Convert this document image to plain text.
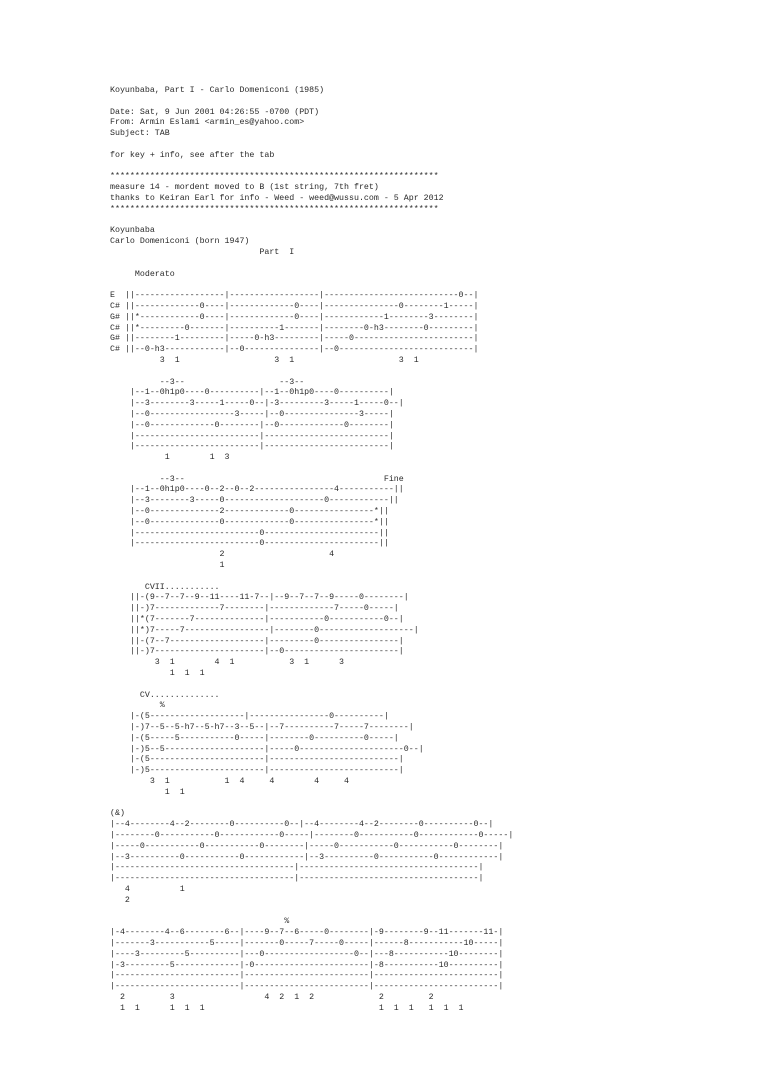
Koyunbaba, Part I - Carlo Domeniconi (1985)
Date: Sat, 9 Jun 2001 04:26:55 -0700 (PDT)
From: Armin Eslami <armin_es@yahoo.com>
Subject: TAB
for key + info, see after the tab
******************************************************************
measure 14 - mordent moved to B (1st string, 7th fret)
thanks to Keiran Earl for info - Weed - weed@wussu.com - 5 Apr 2012
******************************************************************
Koyunbaba
Carlo Domeniconi (born 1947)
Part  I
Moderato
E  ||------------------|------------------|---------------------------0--|
C# ||-------------0----|-------------0----|---------------0--------1-----|
G# ||*------------0----|-------------0----|------------1--------3--------|
C# ||*---------0-------|----------1-------|--------0-h3--------0---------|
G# ||--------1---------|-----0-h3---------|-----0------------------------|
C# ||--0-h3------------|--0---------------|--0---------------------------|
3  1                   3  1                     3  1
--3--                   --3--
|--1--0h1p0----0----------|--1--0h1p0----0----------|
|--3--------3-----1-----0--|-3---------3-----1-----0--|
|--0-----------------3-----|--0---------------3-----|
|--0-------------0--------|--0-------------0--------|
|-------------------------|-------------------------|
|-------------------------|-------------------------|
1        1  3
--3--                                        Fine
|--1--0h1p0----0--2--0--2----------------4-----------||
|--3--------3-----0--------------------0------------||
|--0--------------2-------------0----------------*||
|--0--------------0-------------0----------------*||
|-------------------------0-----------------------||
|-------------------------0-----------------------||
2                     4
1
CVII...........
||-(9--7--7--9--11----11-7--|--9--7--7--9-----0--------|
||-)7-------------7--------|-------------7-----0-----|
||*(7-------7--------------|-----------0-----------0--|
||*)7-----7-----------------|--------0-------------------|
||-(7--7-------------------|---------0----------------|
||-)7----------------------|--0-----------------------|
3  1        4  1           3  1      3
1  1  1
CV..............
%
|-(5-------------------|----------------0----------|
|-)7--5--5-h7--5-h7--3--5--|--7----------7-----7--------|
|-(5-----5-----------0-----|--------0----------0-----|
|-)5--5--------------------|-----0---------------------0--|
|-(5-----------------------|--------------------------|
|-)5-----------------------|--------------------------|
3  1           1  4     4        4     4
1  1
(&)
|--4--------4--2--------0----------0--|--4--------4--2--------0----------0--|
|--------0-----------0------------0-----|--------0-----------0------------0-----|
|-----0-----------0-----------0--------|-----0-----------0-----------0--------|
|--3----------0-----------0------------|--3----------0-----------0------------|
|------------------------------------|------------------------------------|
|------------------------------------|------------------------------------|
4          1
2
%
|-4--------4--6--------6--|----9--7--6-----0--------|-9--------9--11-------11-|
|-------3-----------5-----|-------0-----7-----0-----|------8-----------10-----|
|----3---------5----------|---0------------------0--|---8-----------10--------|
|-3---------5-------------|-0-----------------------|-8-----------10----------|
|-------------------------|-------------------------|-------------------------|
|-------------------------|-------------------------|-------------------------|
2         3                  4  2  1  2             2         2
1  1      1  1  1                                   1  1  1   1  1  1
